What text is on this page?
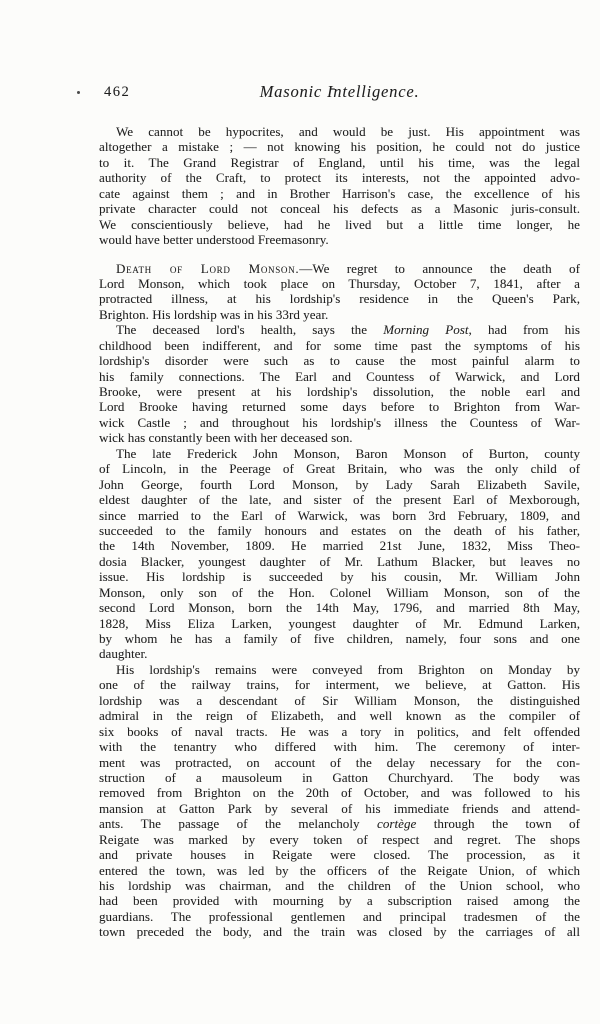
462	Masonic Intelligence.
We cannot be hypocrites, and would be just. His appointment was
altogether a mistake ; — not knowing his position, he could not do justice
to it. The Grand Registrar of England, until his time, was the legal
authority of the Craft, to protect its interests, not the appointed advo-
cate against them ; and in Brother Harrison's case, the excellence of his
private character could not conceal his defects as a Masonic juris-consult.
We conscientiously believe, had he lived but a little time longer, he
would have better understood Freemasonry.
Death of Lord Monson.—We regret to announce the death of
Lord Monson, which took place on Thursday, October 7, 1841, after a
protracted illness, at his lordship's residence in the Queen's Park,
Brighton. His lordship was in his 33rd year.
The deceased lord's health, says the Morning Post, had from his
childhood been indifferent, and for some time past the symptoms of his
lordship's disorder were such as to cause the most painful alarm to
his family connections. The Earl and Countess of Warwick, and Lord
Brooke, were present at his lordship's dissolution, the noble earl and
Lord Brooke having returned some days before to Brighton from War-
wick Castle ; and throughout his lordship's illness the Countess of War-
wick has constantly been with her deceased son.
The late Frederick John Monson, Baron Monson of Burton, county
of Lincoln, in the Peerage of Great Britain, who was the only child of
John George, fourth Lord Monson, by Lady Sarah Elizabeth Savile,
eldest daughter of the late, and sister of the present Earl of Mexborough,
since married to the Earl of Warwick, was born 3rd February, 1809, and
succeeded to the family honours and estates on the death of his father,
the 14th November, 1809. He married 21st June, 1832, Miss Theo-
dosia Blacker, youngest daughter of Mr. Lathum Blacker, but leaves no
issue. His lordship is succeeded by his cousin, Mr. William John
Monson, only son of the Hon. Colonel William Monson, son of the
second Lord Monson, born the 14th May, 1796, and married 8th May,
1828, Miss Eliza Larken, youngest daughter of Mr. Edmund Larken,
by whom he has a family of five children, namely, four sons and one
daughter.
His lordship's remains were conveyed from Brighton on Monday by
one of the railway trains, for interment, we believe, at Gatton. His
lordship was a descendant of Sir William Monson, the distinguished
admiral in the reign of Elizabeth, and well known as the compiler of
six books of naval tracts. He was a tory in politics, and felt offended
with the tenantry who differed with him. The ceremony of inter-
ment was protracted, on account of the delay necessary for the con-
struction of a mausoleum in Gatton Churchyard. The body was
removed from Brighton on the 20th of October, and was followed to his
mansion at Gatton Park by several of his immediate friends and attend-
ants. The passage of the melancholy cortège through the town of
Reigate was marked by every token of respect and regret. The shops
and private houses in Reigate were closed. The procession, as it
entered the town, was led by the officers of the Reigate Union, of which
his lordship was chairman, and the children of the Union school, who
had been provided with mourning by a subscription raised among the
guardians. The professional gentlemen and principal tradesmen of the
town preceded the body, and the train was closed by the carriages of all
